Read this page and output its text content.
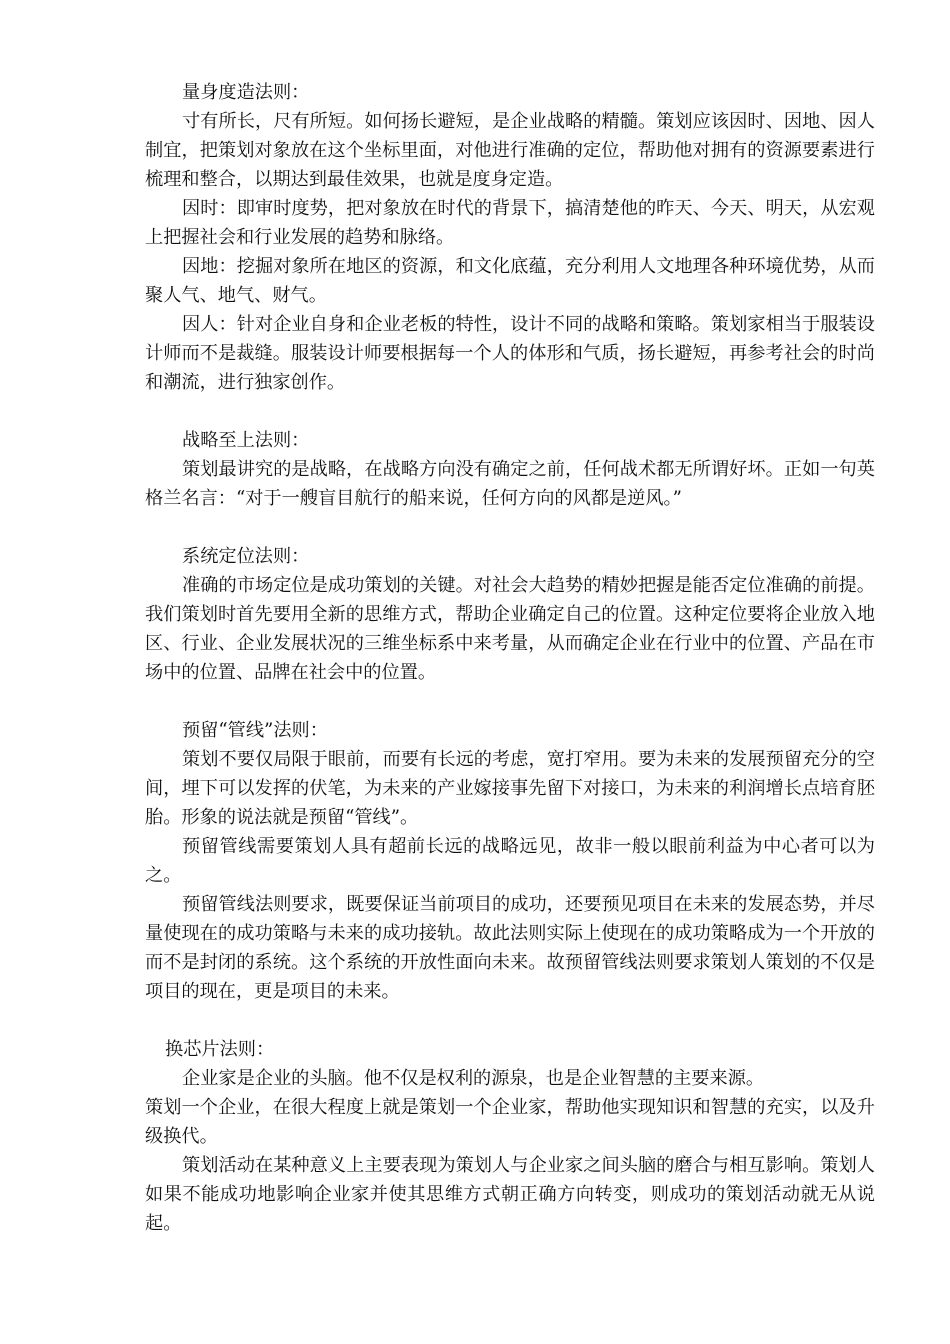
量身度造法则：

寸有所长，尺有所短。如何扬长避短，是企业战略的精髓。策划应该因时、因地、因人制宜，把策划对象放在这个坐标里面，对他进行准确的定位，帮助他对拥有的资源要素进行梳理和整合，以期达到最佳效果，也就是度身定造。

因时：即审时度势，把对象放在时代的背景下，搞清楚他的昨天、今天、明天，从宏观上把握社会和行业发展的趋势和脉络。

因地：挖掘对象所在地区的资源，和文化底蕴，充分利用人文地理各种环境优势，从而聚人气、地气、财气。

因人：针对企业自身和企业老板的特性，设计不同的战略和策略。策划家相当于服装设计师而不是裁缝。服装设计师要根据每一个人的体形和气质，扬长避短，再参考社会的时尚和潮流，进行独家创作。

战略至上法则：

策划最讲究的是战略，在战略方向没有确定之前，任何战术都无所谓好坏。正如一句英格兰名言：“对于一艘盲目航行的船来说，任何方向的风都是逆风。”

系统定位法则：

准确的市场定位是成功策划的关键。对社会大趋势的精妙把握是能否定位准确的前提。我们策划时首先要用全新的思维方式，帮助企业确定自己的位置。这种定位要将企业放入地区、行业、企业发展状况的三维坐标系中来考量，从而确定企业在行业中的位置、产品在市场中的位置、品牌在社会中的位置。

预留“管线”法则：

策划不要仅局限于眼前，而要有长远的考虑，宽打窄用。要为未来的发展预留充分的空间，埋下可以发挥的伏笔，为未来的产业嫁接事先留下对接口，为未来的利润增长点培育胚胎。形象的说法就是预留“管线”。

预留管线需要策划人具有超前长远的战略远见，故非一般以眼前利益为中心者可以为之。

预留管线法则要求，既要保证当前项目的成功，还要预见项目在未来的发展态势，并尽量使现在的成功策略与未来的成功接轨。故此法则实际上使现在的成功策略成为一个开放的而不是封闭的系统。这个系统的开放性面向未来。故预留管线法则要求策划人策划的不仅是项目的现在，更是项目的未来。

换芯片法则：

企业家是企业的头脑。他不仅是权利的源泉，也是企业智慧的主要来源。

策划一个企业，在很大程度上就是策划一个企业家，帮助他实现知识和智慧的充实，以及升级换代。

策划活动在某种意义上主要表现为策划人与企业家之间头脑的磨合与相互影响。策划人如果不能成功地影响企业家并使其思维方式朝正确方向转变，则成功的策划活动就无从说起。
